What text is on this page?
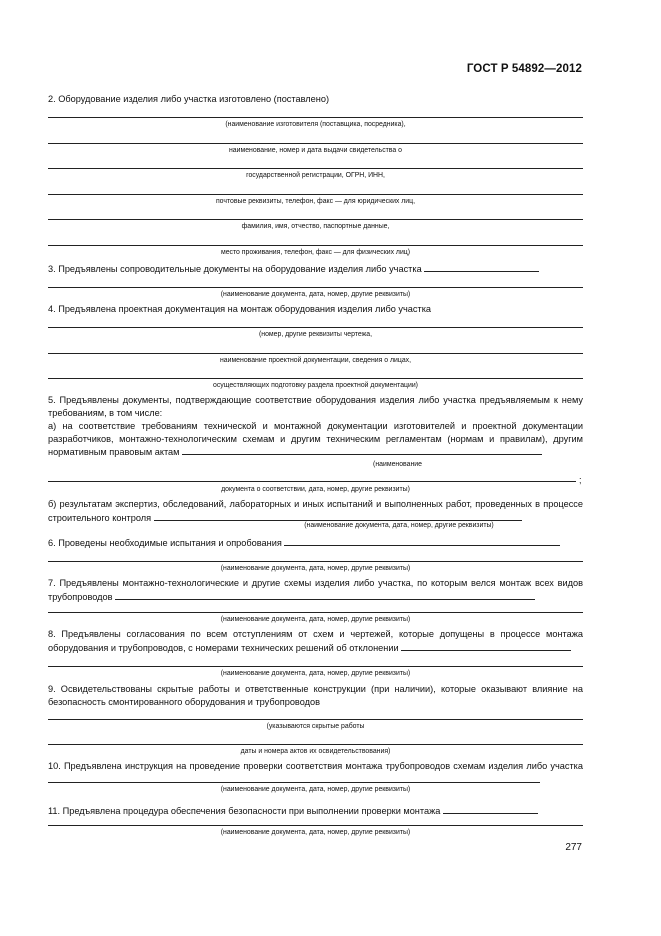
ГОСТ Р 54892—2012
2. Оборудование изделия либо участка изготовлено (поставлено)
(наименование изготовителя (поставщика, посредника),
наименование, номер и дата выдачи свидетельства о
государственной регистрации, ОГРН, ИНН,
почтовые реквизиты, телефон, факс — для юридических лиц,
фамилия, имя, отчество, паспортные данные,
место проживания, телефон, факс — для физических лиц)
3. Предъявлены сопроводительные документы на оборудование изделия либо участка
(наименование документа, дата, номер, другие реквизиты)
4. Предъявлена проектная документация на монтаж оборудования изделия либо участка
(номер, другие реквизиты чертежа,
наименование проектной документации, сведения о лицах,
осуществляющих подготовку раздела проектной документации)
5. Предъявлены документы, подтверждающие соответствие оборудования изделия либо участка предъявляемым к нему требованиям, в том числе:
а) на соответствие требованиям технической и монтажной документации изготовителей и проектной документации разработчиков, монтажно-технологическим схемам и другим техническим регламентам (нормам и правилам), другим нормативным правовым актам
(наименование
;
документа о соответствии, дата, номер, другие реквизиты)
б) результатам экспертиз, обследований, лабораторных и иных испытаний и выполненных работ, проведенных в процессе строительного контроля
(наименование документа, дата, номер, другие реквизиты)
6. Проведены необходимые испытания и опробования
(наименование документа, дата, номер, другие реквизиты)
7. Предъявлены монтажно-технологические и другие схемы изделия либо участка, по которым велся монтаж всех видов трубопроводов
(наименование документа, дата, номер, другие реквизиты)
8. Предъявлены согласования по всем отступлениям от схем и чертежей, которые допущены в процессе монтажа оборудования и трубопроводов, с номерами технических решений об отклонении
(наименование документа, дата, номер, другие реквизиты)
9. Освидетельствованы скрытые работы и ответственные конструкции (при наличии), которые оказывают влияние на безопасность смонтированного оборудования и трубопроводов
(указываются скрытые работы
даты и номера актов их освидетельствования)
10. Предъявлена инструкция на проведение проверки соответствия монтажа трубопроводов схемам изделия либо участка
(наименование документа, дата, номер, другие реквизиты)
11. Предъявлена процедура обеспечения безопасности при выполнении проверки монтажа
(наименование документа, дата, номер, другие реквизиты)
277
